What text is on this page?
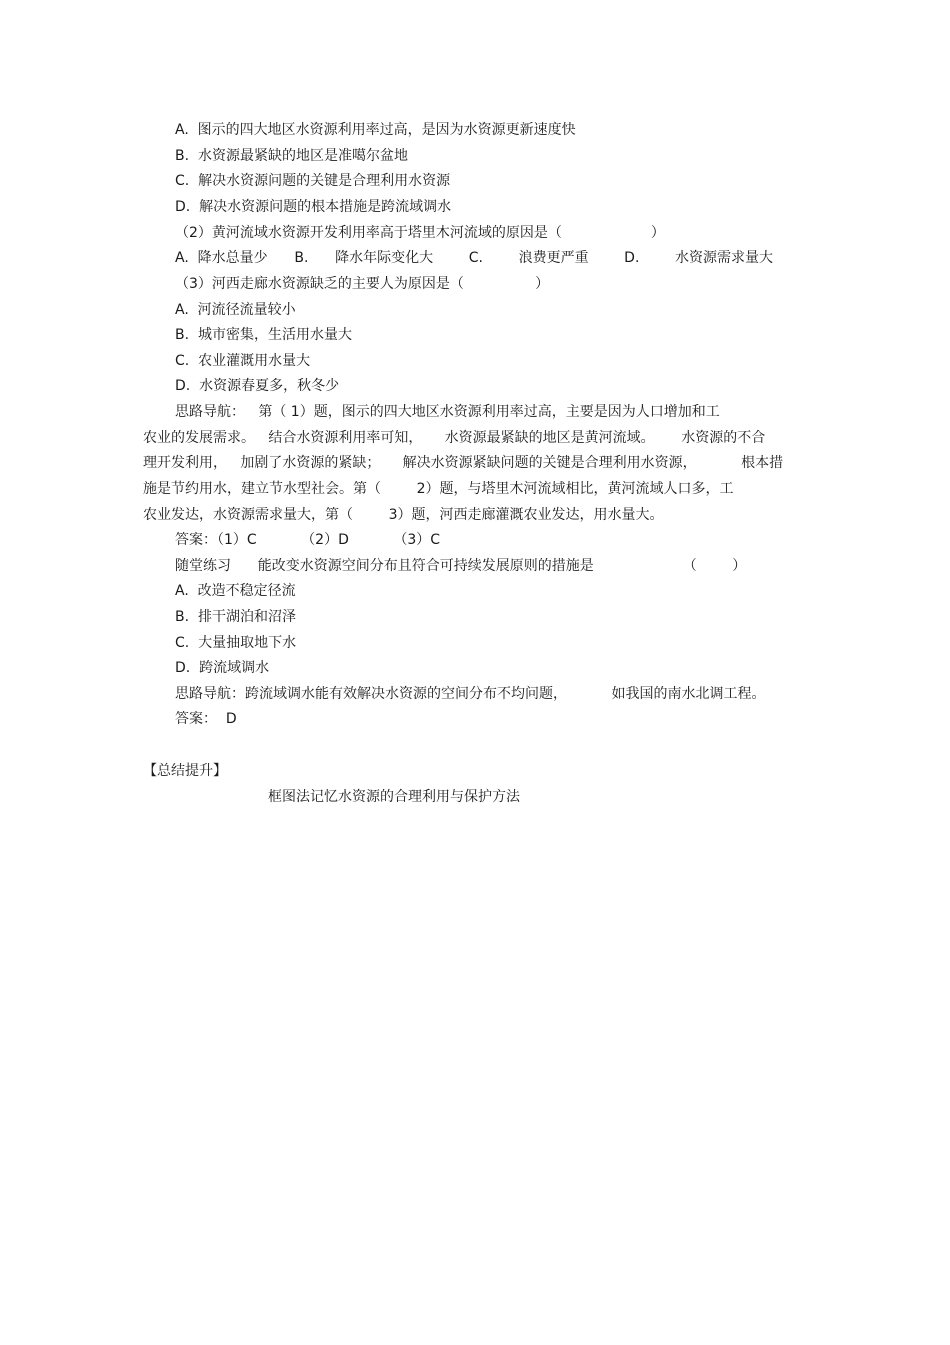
A.  图示的四大地区水资源利用率过高，是因为水资源更新速度快
B.  水资源最紧缺的地区是准噶尔盆地
C.  解决水资源问题的关键是合理利用水资源
D.  解决水资源问题的根本措施是跨流域调水
（2）黄河流域水资源开发利用率高于塔里木河流域的原因是（                    ）
A.  降水总量少      B.      降水年际变化大        C.        浪费更严重        D.        水资源需求量大
（3）河西走廊水资源缺乏的主要人为原因是（                ）
A.  河流径流量较小
B.  城市密集，生活用水量大
C.  农业灌溉用水量大
D.  水资源春夏多，秋冬少
思路导航：   第（ 1）题，图示的四大地区水资源利用率过高，主要是因为人口增加和工
农业的发展需求。   结合水资源利用率可知，     水资源最紧缺的地区是黄河流域。      水资源的不合
理开发利用，   加剧了水资源的紧缺；     解决水资源紧缺问题的关键是合理利用水资源，          根本措
施是节约用水，建立节水型社会。第（        2）题，与塔里木河流域相比，黄河流域人口多，工
农业发达，水资源需求量大，第（        3）题，河西走廊灌溉农业发达，用水量大。
答案：（1）C          （2）D          （3）C
随堂练习      能改变水资源空间分布且符合可持续发展原则的措施是                    （        ）
A.  改造不稳定径流
B.  排干湖泊和沼泽
C.  大量抽取地下水
D.  跨流域调水
思路导航：跨流域调水能有效解决水资源的空间分布不均问题，          如我国的南水北调工程。
答案：  D
【总结提升】
框图法记忆水资源的合理利用与保护方法
